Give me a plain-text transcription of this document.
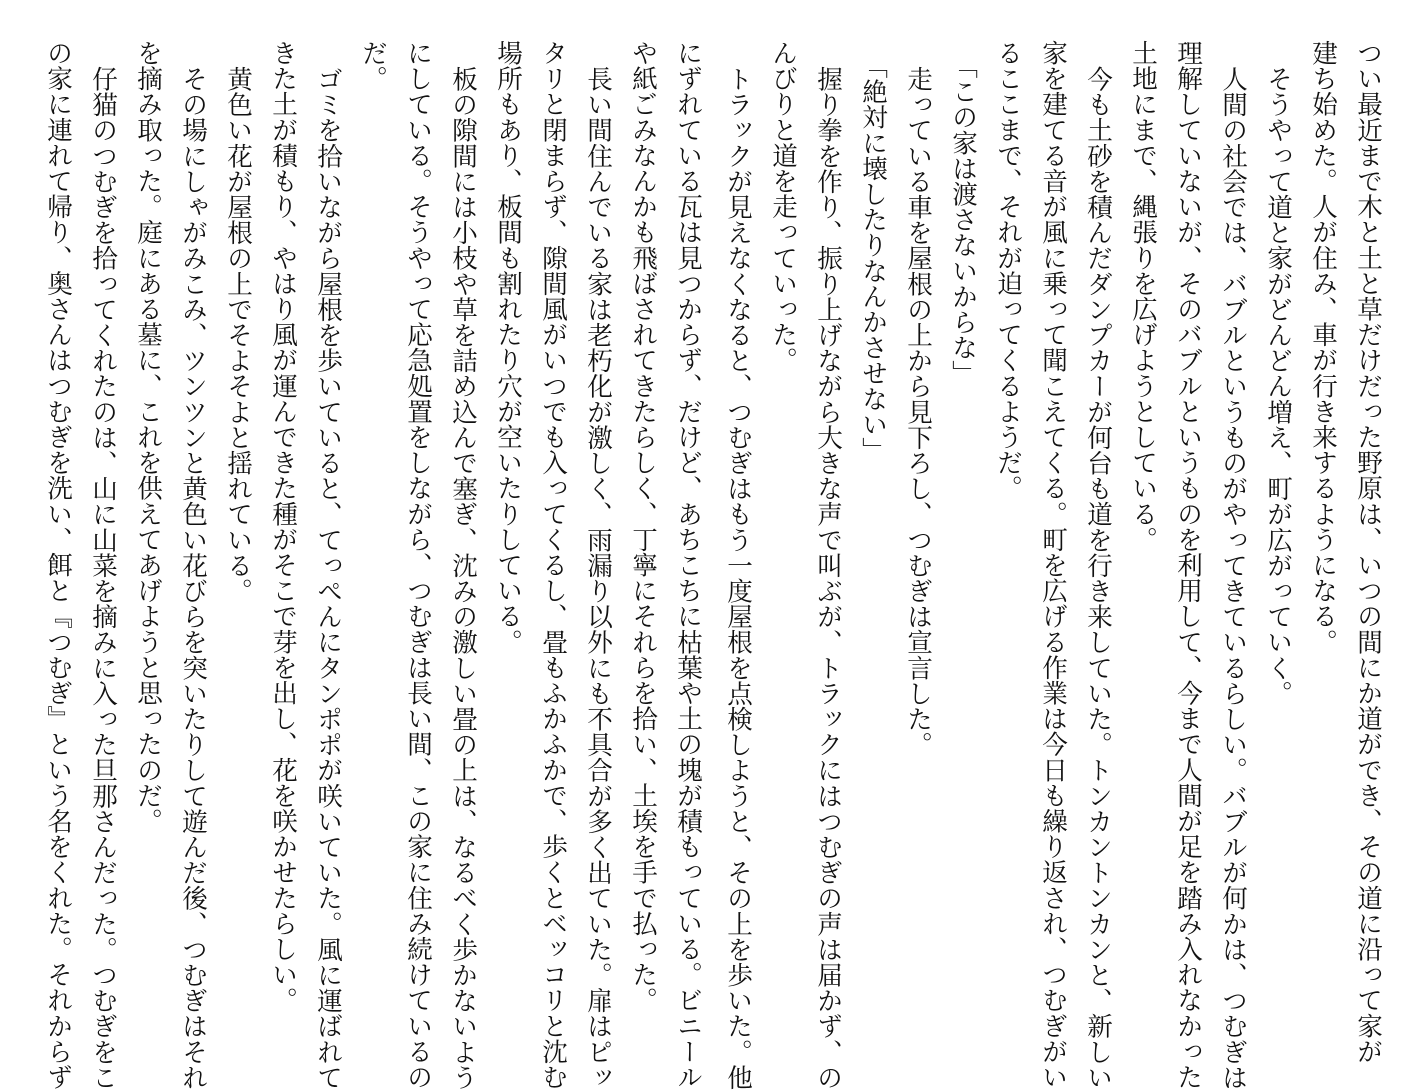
つい最近まで木と土と草だけだった野原は、いつの間にか道ができ、その道に沿って家が
建ち始めた。人が住み、車が行き来するようになる。
そうやって道と家がどんどん増え、町が広がっていく。
人間の社会では、バブルというものがやってきているらしい。バブルが何かは、つむぎは
理解していないが、そのバブルというものを利用して、今まで人間が足を踏み入れなかった
土地にまで、縄張りを広げようとしている。
今も土砂を積んだダンプカーが何台も道を行き来していた。トンカントンカンと、新しい
家を建てる音が風に乗って聞こえてくる。町を広げる作業は今日も繰り返され、つむぎがい
るここまで、それが迫ってくるようだ。
「この家は渡さないからな」
走っている車を屋根の上から見下ろし、つむぎは宣言した。
「絶対に壊したりなんかさせない」
握り拳を作り、振り上げながら大きな声で叫ぶが、トラックにはつむぎの声は届かず、の
んびりと道を走っていった。
トラックが見えなくなると、つむぎはもう一度屋根を点検しようと、その上を歩いた。他
にずれている瓦は見つからず、だけど、あちこちに枯葉や土の塊が積もっている。ビニール
や紙ごみなんかも飛ばされてきたらしく、丁寧にそれらを拾い、土埃を手で払った。
長い間住んでいる家は老朽化が激しく、雨漏り以外にも不具合が多く出ていた。扉はピッ
タリと閉まらず、隙間風がいつでも入ってくるし、畳もふかふかで、歩くとベッコリと沈む
場所もあり、板間も割れたり穴が空いたりしている。
板の隙間には小枝や草を詰め込んで塞ぎ、沈みの激しい畳の上は、なるべく歩かないよう
にしている。そうやって応急処置をしながら、つむぎは長い間、この家に住み続けているの
だ。
ゴミを拾いながら屋根を歩いていると、てっぺんにタンポポが咲いていた。風に運ばれて
きた土が積もり、やはり風が運んできた種がそこで芽を出し、花を咲かせたらしい。
黄色い花が屋根の上でそよそよと揺れている。
その場にしゃがみこみ、ツンツンと黄色い花びらを突いたりして遊んだ後、つむぎはそれ
を摘み取った。庭にある墓に、これを供えてあげようと思ったのだ。
仔猫のつむぎを拾ってくれたのは、山に山菜を摘みに入った旦那さんだった。つむぎをこ
の家に連れて帰り、奥さんはつむぎを洗い、餌と『つむぎ』という名をくれた。それからず
